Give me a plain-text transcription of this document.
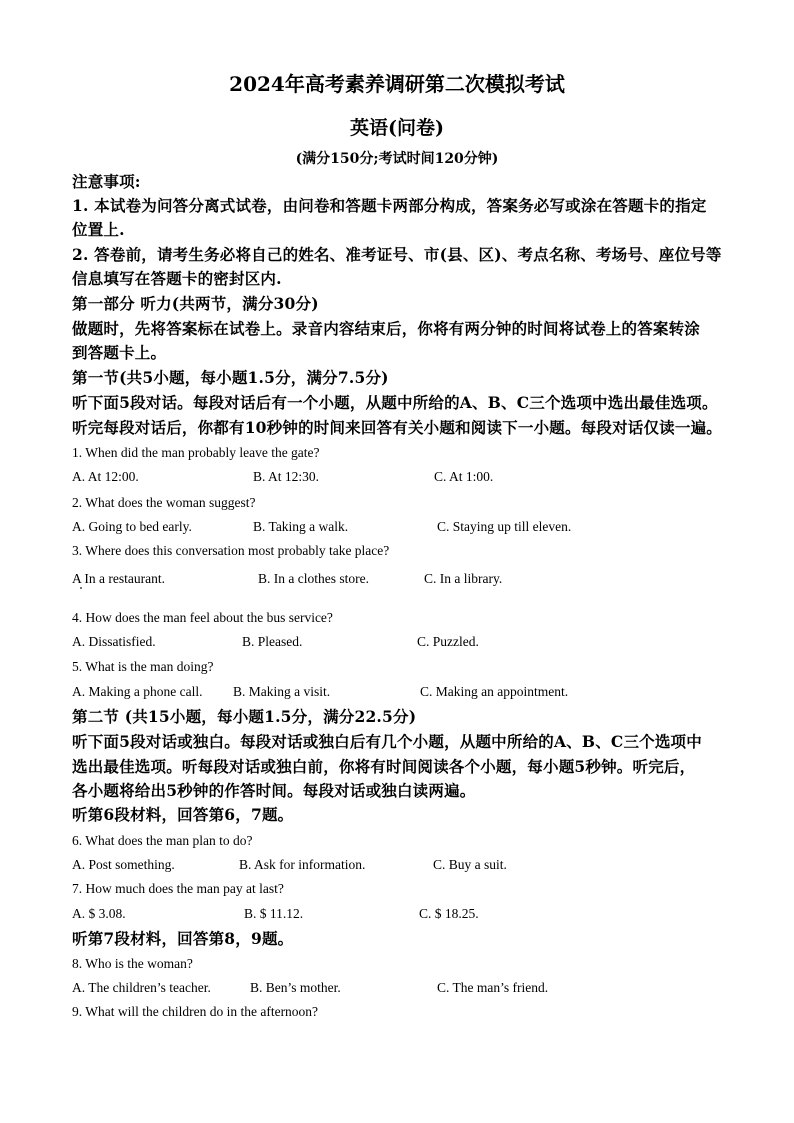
2024年高考素养调研第二次模拟考试
英语(问卷)
(满分150分;考试时间120分钟)
注意事项:
1. 本试卷为问答分离式试卷，由问卷和答题卡两部分构成，答案务必写或涂在答题卡的指定
位置上.
2. 答卷前，请考生务必将自己的姓名、准考证号、市(县、区)、考点名称、考场号、座位号等
信息填写在答题卡的密封区内.
第一部分 听力(共两节，满分30分)
做题时，先将答案标在试卷上。录音内容结束后，你将有两分钟的时间将试卷上的答案转涂
到答题卡上。
第一节(共5小题，每小题1.5分，满分7.5分)
听下面5段对话。每段对话后有一个小题，从题中所给的A、B、C三个选项中选出最佳选项。
听完每段对话后，你都有10秒钟的时间来回答有关小题和阅读下一小题。每段对话仅读一遍。
1. When did the man probably leave the gate?
A. At 12:00.	B. At 12:30.	C. At 1:00.
2. What does the woman suggest?
A. Going to bed early.	B. Taking a walk.	C. Staying up till eleven.
3. Where does this conversation most probably take place?
A In a restaurant.	B. In a clothes store.	C. In a library.
4. How does the man feel about the bus service?
A. Dissatisfied.	B. Pleased.	C. Puzzled.
5. What is the man doing?
A. Making a phone call. B. Making a visit.	C. Making an appointment.
第二节 (共15小题，每小题1.5分，满分22.5分)
听下面5段对话或独白。每段对话或独白后有几个小题，从题中所给的A、B、C三个选项中
选出最佳选项。听每段对话或独白前，你将有时间阅读各个小题，每小题5秒钟。听完后，
各小题将给出5秒钟的作答时间。每段对话或独白读两遍。
听第6段材料，回答第6，7题。
6. What does the man plan to do?
A. Post something.	B. Ask for information.	C. Buy a suit.
7. How much does the man pay at last?
A. $ 3.08.	B. $ 11.12.	C. $ 18.25.
听第7段材料，回答第8，9题。
8. Who is the woman?
A. The children’s teacher.	B. Ben’s mother.	C. The man’s friend.
9. What will the children do in the afternoon?
